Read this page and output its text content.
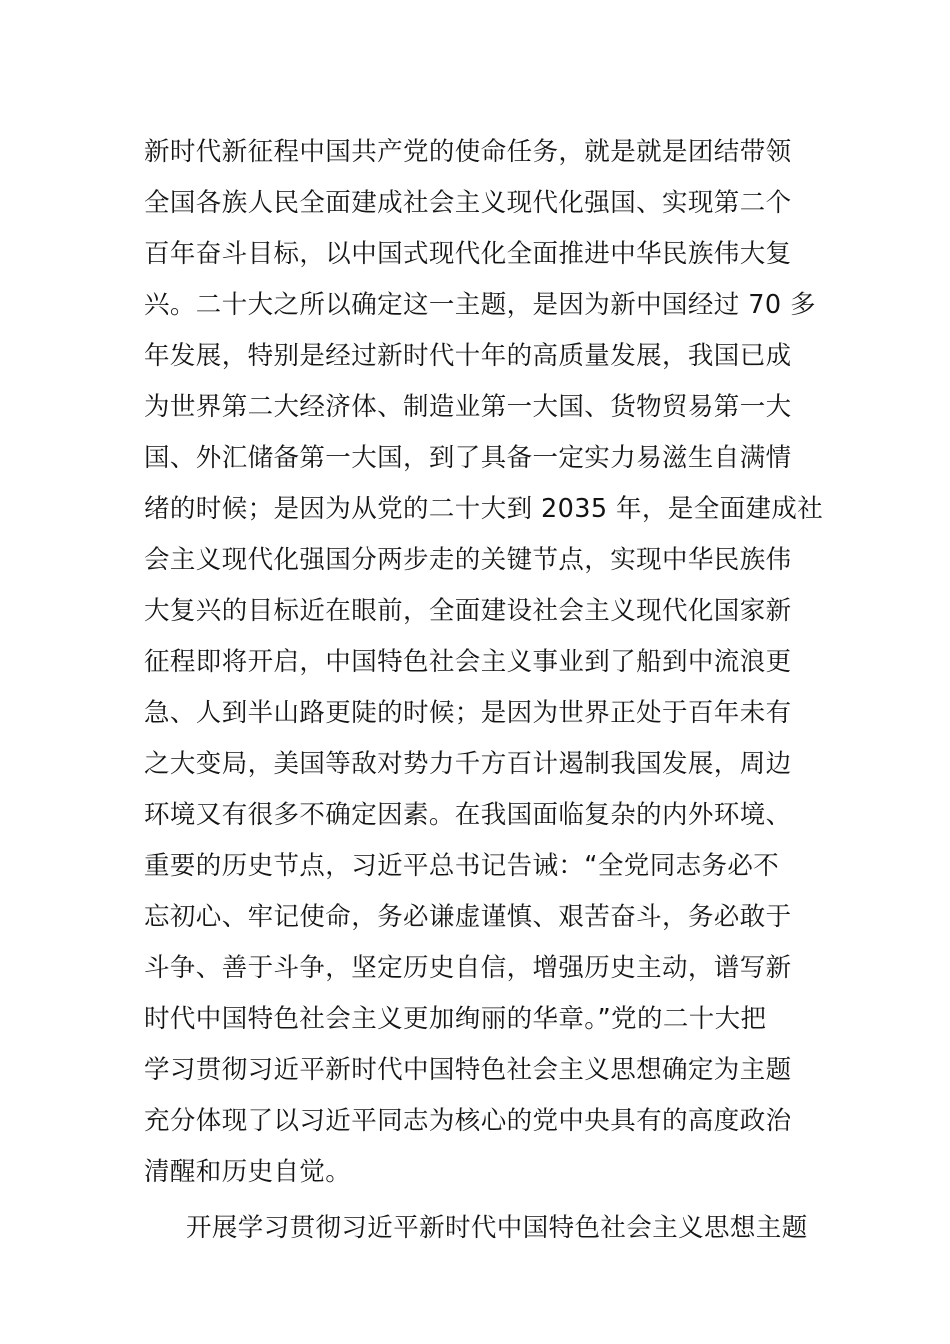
新时代新征程中国共产党的使命任务，就是就是团结带领
全国各族人民全面建成社会主义现代化强国、实现第二个
百年奋斗目标，以中国式现代化全面推进中华民族伟大复
兴。二十大之所以确定这一主题，是因为新中国经过 70 多
年发展，特别是经过新时代十年的高质量发展，我国已成
为世界第二大经济体、制造业第一大国、货物贸易第一大
国、外汇储备第一大国，到了具备一定实力易滋生自满情
绪的时候；是因为从党的二十大到 2035 年，是全面建成社
会主义现代化强国分两步走的关键节点，实现中华民族伟
大复兴的目标近在眼前，全面建设社会主义现代化国家新
征程即将开启，中国特色社会主义事业到了船到中流浪更
急、人到半山路更陡的时候；是因为世界正处于百年未有
之大变局，美国等敌对势力千方百计遏制我国发展，周边
环境又有很多不确定因素。在我国面临复杂的内外环境、
重要的历史节点，习近平总书记告诫：“全党同志务必不
忘初心、牢记使命，务必谦虚谨慎、艰苦奋斗，务必敢于
斗争、善于斗争，坚定历史自信，增强历史主动，谱写新
时代中国特色社会主义更加绚丽的华章。”党的二十大把
学习贯彻习近平新时代中国特色社会主义思想确定为主题
充分体现了以习近平同志为核心的党中央具有的高度政治
清醒和历史自觉。
开展学习贯彻习近平新时代中国特色社会主义思想主题
